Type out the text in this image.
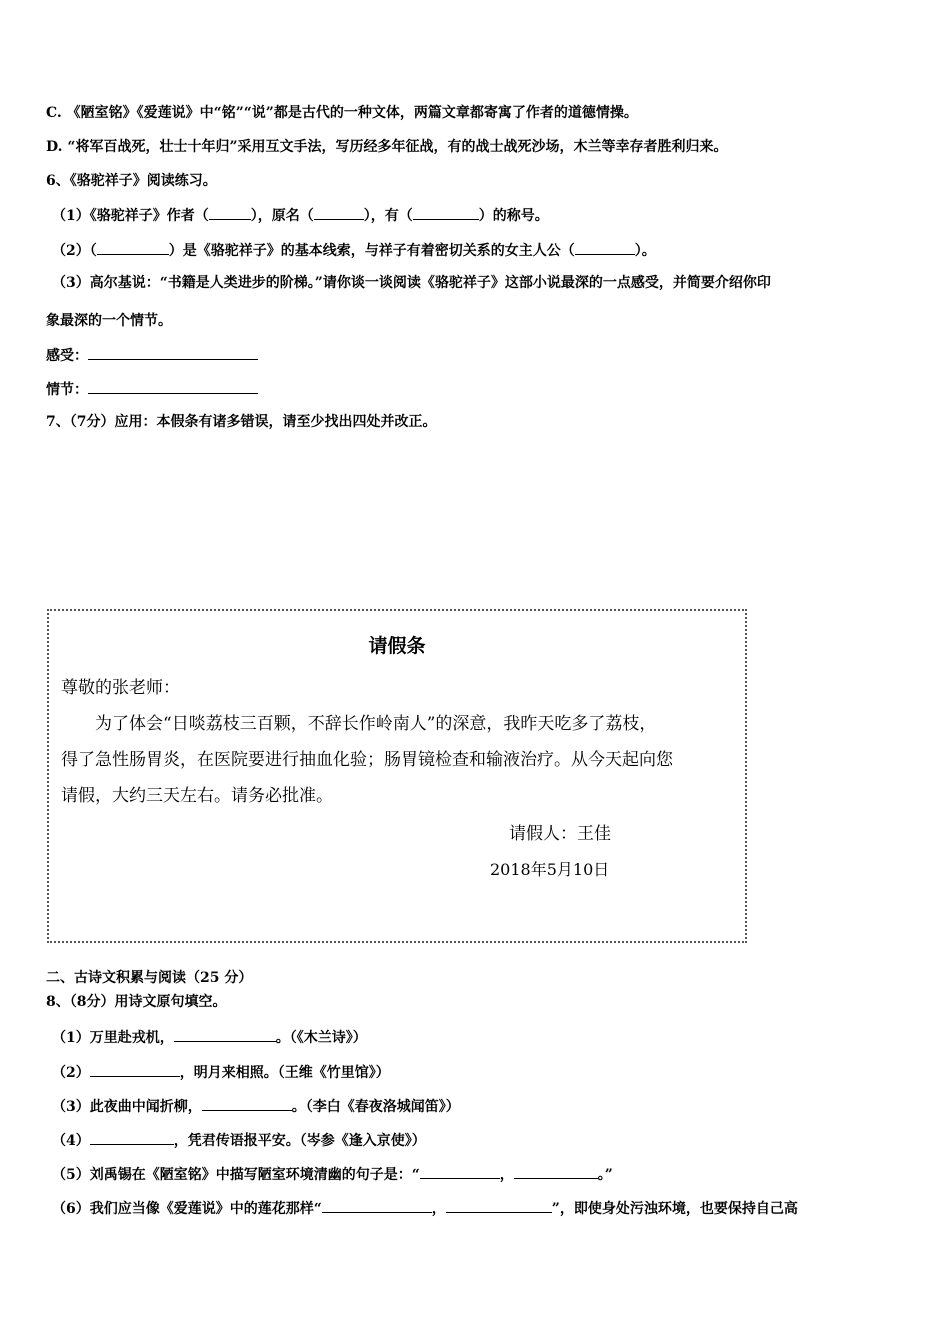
C. 《陋室铭》《爱莲说》中“铭”“说”都是古代的一种文体，两篇文章都寄寓了作者的道德情操。
D. “将军百战死，壮士十年归”采用互文手法，写历经多年征战，有的战士战死沙场，木兰等幸存者胜利归来。
6、《骆驼祥子》阅读练习。
（1）《骆驼祥子》作者（	），原名（	），有（	）的称号。
（2）（	）是《骆驼祥子》的基本线索，与祥子有着密切关系的女主人公（	）。
（3）高尔基说：“书籍是人类进步的阶梯。”请你谈一谈阅读《骆驼祥子》这部小说最深的一点感受，并简要介绍你印
象最深的一个情节。
感受：
情节：
7、（7分）应用：本假条有诸多错误，请至少找出四处并改正。
请假条
尊敬的张老师：
为了体会“日啖荔枝三百颗，不辞长作岭南人”的深意，我昨天吃多了荔枝，
得了急性肠胃炎，在医院要进行抽血化验；肠胃镜检查和输液治疗。从今天起向您
请假，大约三天左右。请务必批准。
请假人：王佳
2018年5月10日
二、古诗文积累与阅读（25 分）
8、（8分）用诗文原句填空。
（1）万里赴戎机，	。（《木兰诗》）
（2）	，明月来相照。（王维《竹里馆》）
（3）此夜曲中闻折柳，	。（李白《春夜洛城闻笛》）
（4）	，凭君传语报平安。（岑参《逢入京使》）
（5）刘禹锡在《陋室铭》中描写陋室环境清幽的句子是：“	，	。”
（6）我们应当像《爱莲说》中的莲花那样“	，	”，即使身处污浊环境，也要保持自己高
